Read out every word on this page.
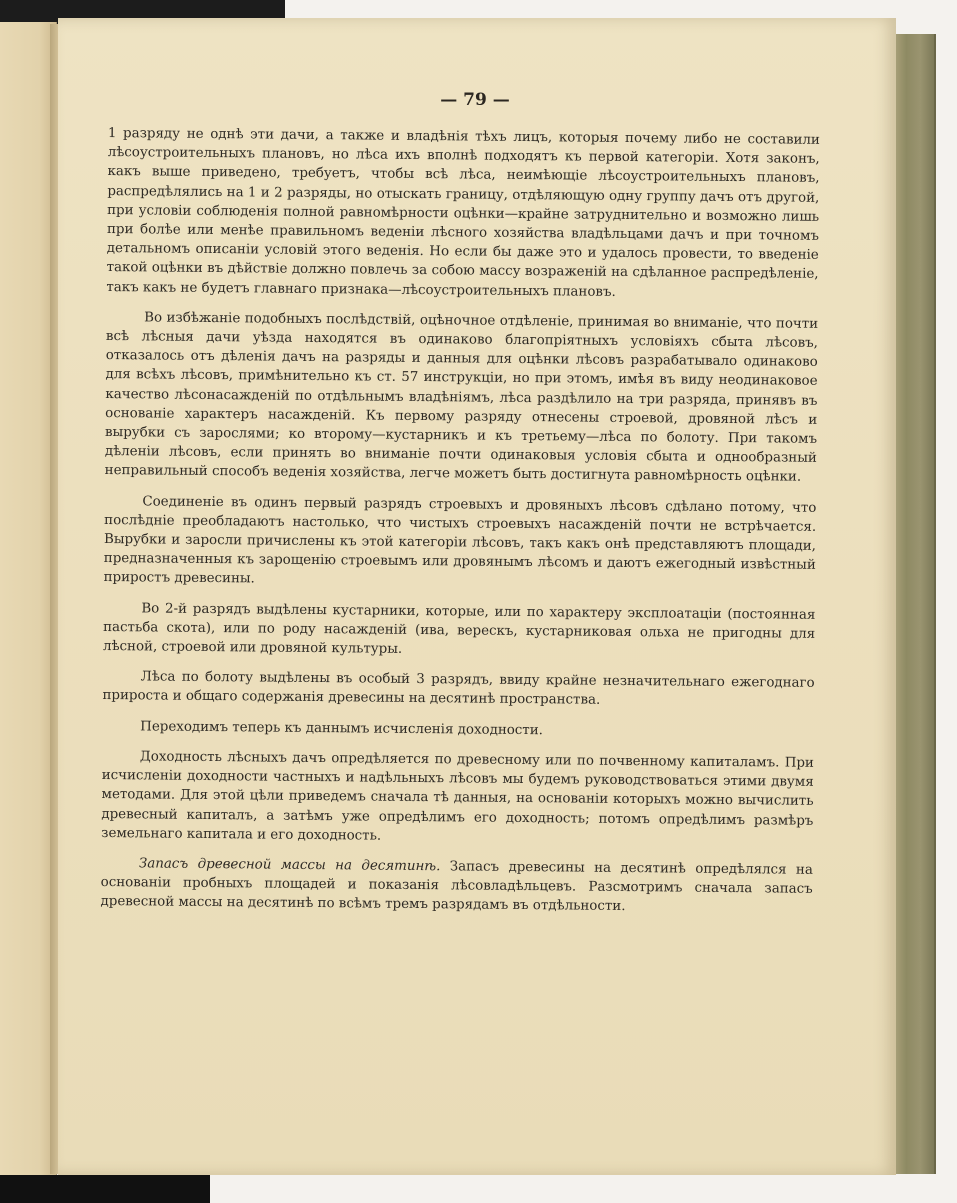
— 79 —

1 разряду не однѣ эти дачи, а также и владѣнія тѣхъ лицъ, которыя почему либо не составили лѣсоустроительныхъ плановъ, но лѣса ихъ вполнѣ подходятъ къ первой категоріи. Хотя законъ, какъ выше приведено, требуетъ, чтобы всѣ лѣса, неимѣющіе лѣсоустроительныхъ плановъ, распредѣлялись на 1 и 2 разряды, но отыскать границу, отдѣляющую одну группу дачъ отъ другой, при условіи соблюденія полной равномѣрности оцѣнки—крайне затруднительно и возможно лишь при болѣе или менѣе правильномъ веденіи лѣсного хозяйства владѣльцами дачъ и при точномъ детальномъ описаніи условій этого веденія. Но если бы даже это и удалось провести, то введеніе такой оцѣнки въ дѣйствіе должно повлечь за собою массу возраженій на сдѣланное распредѣленіе, такъ какъ не будетъ главнаго признака—лѣсоустроительныхъ плановъ.

Во избѣжаніе подобныхъ послѣдствій, оцѣночное отдѣленіе, принимая во вниманіе, что почти всѣ лѣсныя дачи уѣзда находятся въ одинаково благопріятныхъ условіяхъ сбыта лѣсовъ, отказалось отъ дѣленія дачъ на разряды и данныя для оцѣнки лѣсовъ разрабатывало одинаково для всѣхъ лѣсовъ, примѣнительно къ ст. 57 инструкціи, но при этомъ, имѣя въ виду неодинаковое качество лѣсонасажденій по отдѣльнымъ владѣніямъ, лѣса раздѣлило на три разряда, принявъ въ основаніе характеръ насажденій. Къ первому разряду отнесены строевой, дровяной лѣсъ и вырубки съ зарослями; ко второму—кустарникъ и къ третьему—лѣса по болоту. При такомъ дѣленіи лѣсовъ, если принять во вниманіе почти одинаковыя условія сбыта и однообразный неправильный способъ веденія хозяйства, легче можетъ быть достигнута равномѣрность оцѣнки.

Соединеніе въ одинъ первый разрядъ строевыхъ и дровяныхъ лѣсовъ сдѣлано потому, что послѣдніе преобладаютъ настолько, что чистыхъ строевыхъ насажденій почти не встрѣчается. Вырубки и заросли причислены къ этой категоріи лѣсовъ, такъ какъ онѣ представляютъ площади, предназначенныя къ зарощенію строевымъ или дровянымъ лѣсомъ и даютъ ежегодный извѣстный приростъ древесины.

Во 2-й разрядъ выдѣлены кустарники, которые, или по характеру эксплоатаціи (постоянная пастьба скота), или по роду насажденій (ива, верескъ, кустарниковая ольха не пригодны для лѣсной, строевой или дровяной культуры.

Лѣса по болоту выдѣлены въ особый 3 разрядъ, ввиду крайне незначительнаго ежегоднаго прироста и общаго содержанія древесины на десятинѣ пространства.

Переходимъ теперь къ даннымъ исчисленія доходности.

Доходность лѣсныхъ дачъ опредѣляется по древесному или по почвенному капиталамъ. При исчисленіи доходности частныхъ и надѣльныхъ лѣсовъ мы будемъ руководствоваться этими двумя методами. Для этой цѣли приведемъ сначала тѣ данныя, на основаніи которыхъ можно вычислить древесный капиталъ, а затѣмъ уже опредѣлимъ его доходность; потомъ опредѣлимъ размѣръ земельнаго капитала и его доходность.

Запасъ древесной массы на десятинѣ. Запасъ древесины на десятинѣ опредѣлялся на основаніи пробныхъ площадей и показанія лѣсовладѣльцевъ. Разсмотримъ сначала запасъ древесной массы на десятинѣ по всѣмъ тремъ разрядамъ въ отдѣльности.
